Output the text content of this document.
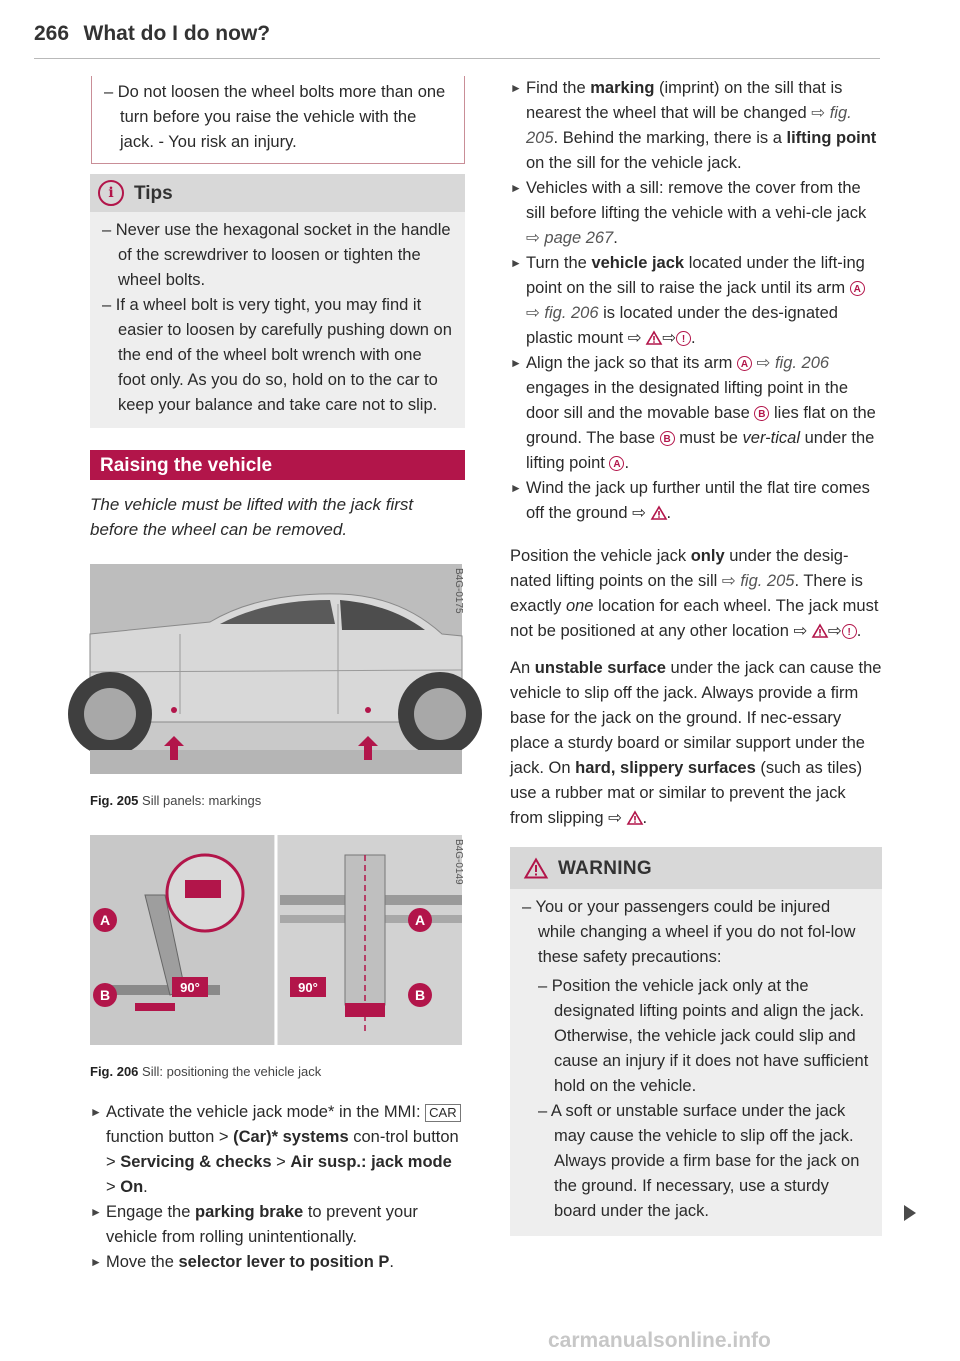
266 What do I do now?
– Do not loosen the wheel bolts more than one turn before you raise the vehicle with the jack. - You risk an injury.
i	Tips
– Never use the hexagonal socket in the handle of the screwdriver to loosen or tighten the wheel bolts.
– If a wheel bolt is very tight, you may find it easier to loosen by carefully pushing down on the end of the wheel bolt wrench with one foot only. As you do so, hold on to the car to keep your balance and take care not to slip.
Raising the vehicle
The vehicle must be lifted with the jack first before the wheel can be removed.
B4G-0175
Fig. 205 Sill panels: markings
90°
A
B	90°
A
B
B4G-0149
Fig. 206 Sill: positioning the vehicle jack
► Activate the vehicle jack mode* in the MMI: CAR function button > (Car)* systems con-trol button > Servicing & checks > Air susp.: jack mode > On.
► Engage the parking brake to prevent your vehicle from rolling unintentionally.
► Move the selector lever to position P.
► Find the marking (imprint) on the sill that is nearest the wheel that will be changed ⇨ fig. 205. Behind the marking, there is a lifting point on the sill for the vehicle jack.
► Vehicles with a sill: remove the cover from the sill before lifting the vehicle with a vehi-cle jack ⇨ page 267.
► Turn the vehicle jack located under the lift-ing point on the sill to raise the jack until its arm A ⇨ fig. 206 is located under the des-ignated plastic mount ⇨ ⇨ ! .
► Align the jack so that its arm A ⇨ fig. 206 engages in the designated lifting point in the door sill and the movable base B lies flat on the ground. The base B must be ver-tical under the lifting point A .
► Wind the jack up further until the flat tire comes off the ground ⇨ .
Position the vehicle jack only under the desig-nated lifting points on the sill ⇨ fig. 205. There is exactly one location for each wheel. The jack must not be positioned at any other location ⇨ ⇨ ! .
An unstable surface under the jack can cause the vehicle to slip off the jack. Always provide a firm base for the jack on the ground. If nec-essary place a sturdy board or similar support under the jack. On hard, slippery surfaces (such as tiles) use a rubber mat or similar to prevent the jack from slipping ⇨ .
WARNING
– You or your passengers could be injured while changing a wheel if you do not fol-low these safety precautions:
– Position the vehicle jack only at the designated lifting points and align the jack. Otherwise, the vehicle jack could slip and cause an injury if it does not have sufficient hold on the vehicle.
– A soft or unstable surface under the jack may cause the vehicle to slip off the jack. Always provide a firm base for the jack on the ground. If necessary, use a sturdy board under the jack.
carmanualsonline.info
